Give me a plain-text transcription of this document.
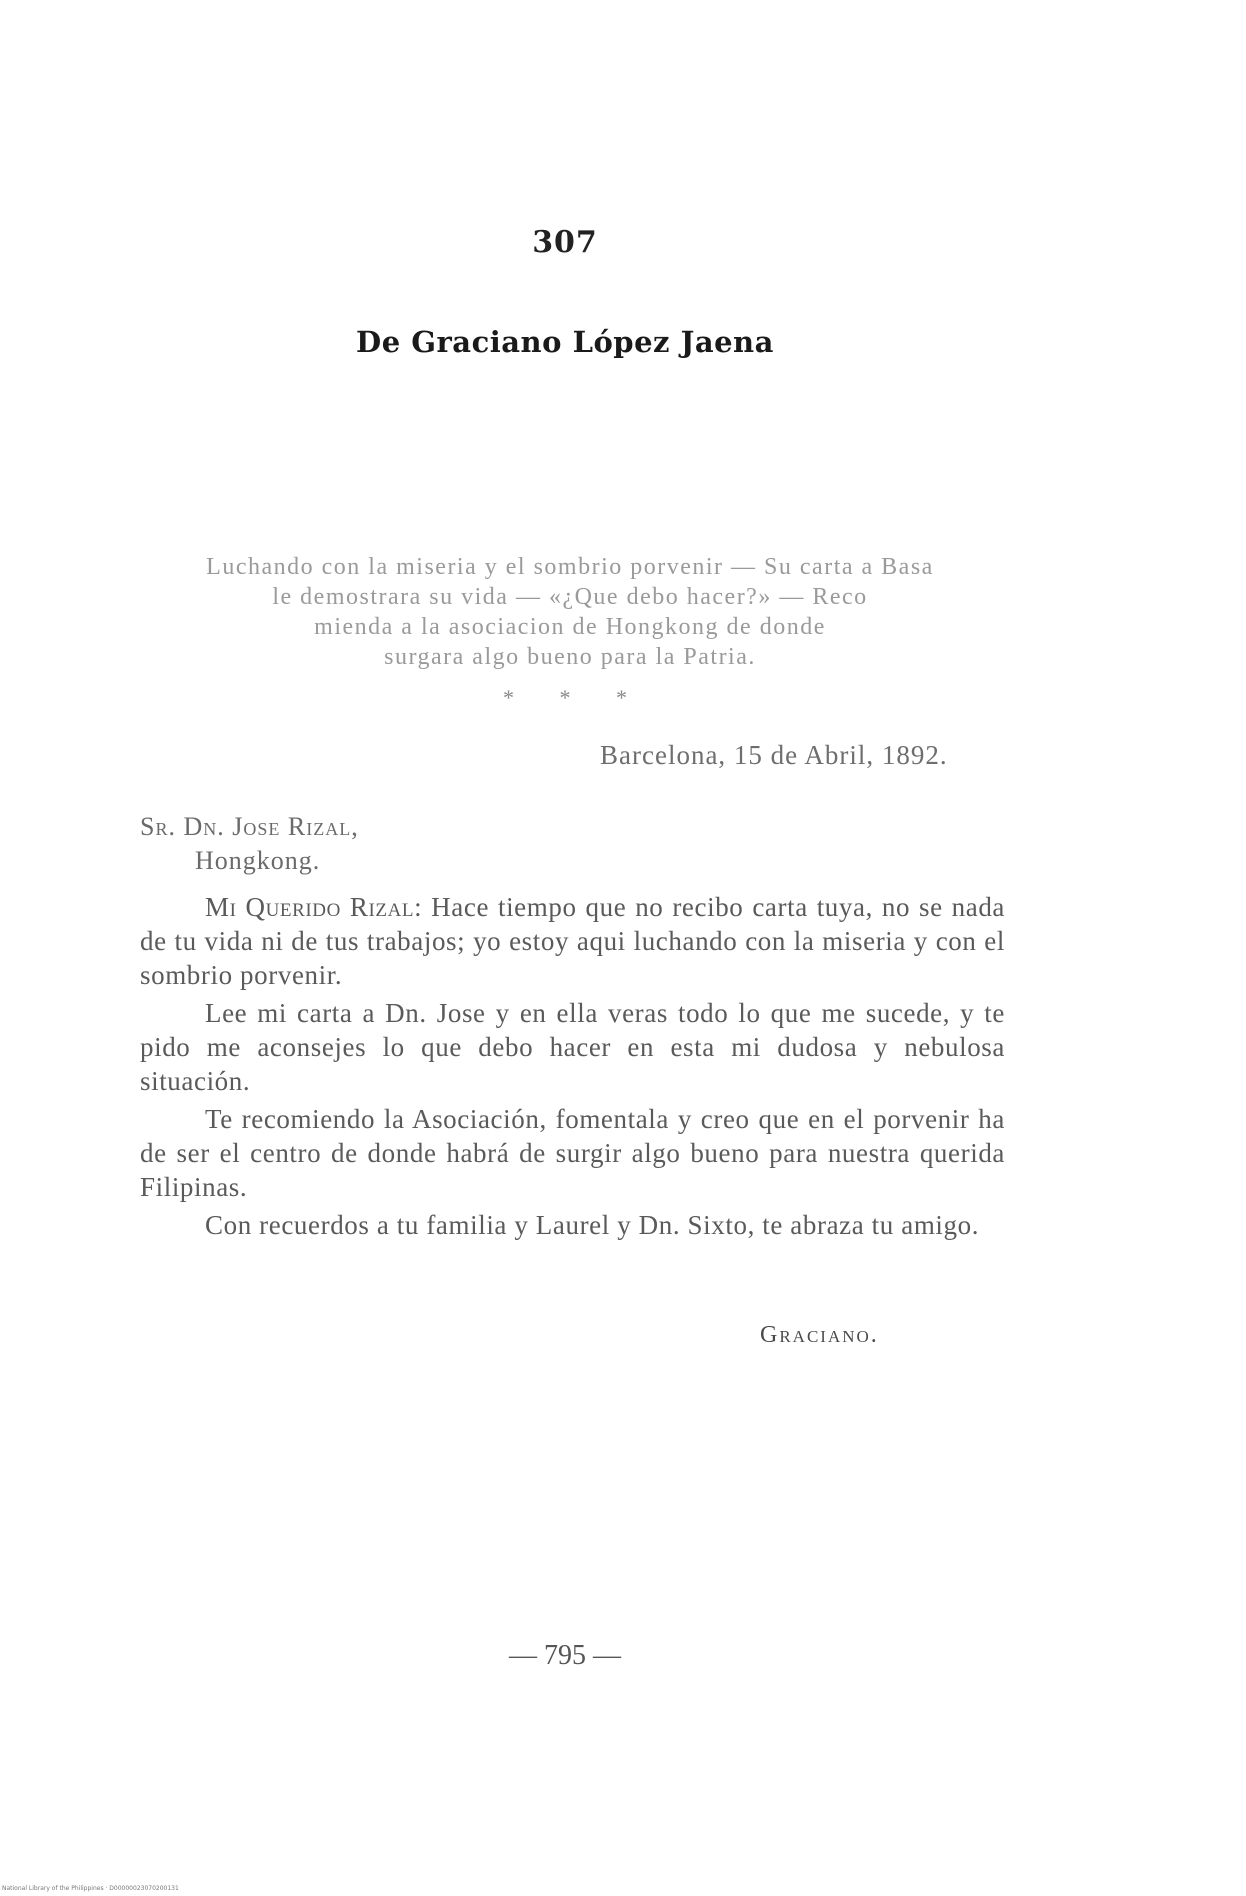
307
De Graciano López Jaena
Luchando con la miseria y el sombrio porvenir — Su carta a Basa
le demostrara su vida — «¿Que debo hacer?» — Reco
mienda a la asociacion de Hongkong de donde
surgara algo bueno para la Patria.
* * *
Barcelona, 15 de Abril, 1892.
Sr. Dn. Jose Rizal,
Hongkong.

Mi Querido Rizal: Hace tiempo que no recibo carta tuya, no se nada de tu vida ni de tus trabajos; yo estoy aqui luchando con la miseria y con el sombrio porvenir.

Lee mi carta a Dn. Jose y en ella veras todo lo que me sucede, y te pido me aconsejes lo que debo hacer en esta mi dudosa y nebulosa situación.

Te recomiendo la Asociación, fomentala y creo que en el porvenir ha de ser el centro de donde habrá de surgir algo bueno para nuestra querida Filipinas.

Con recuerdos a tu familia y Laurel y Dn. Sixto, te abraza tu amigo.

Graciano.
— 795 —
National Library of the Philippines · D00000023070200131
